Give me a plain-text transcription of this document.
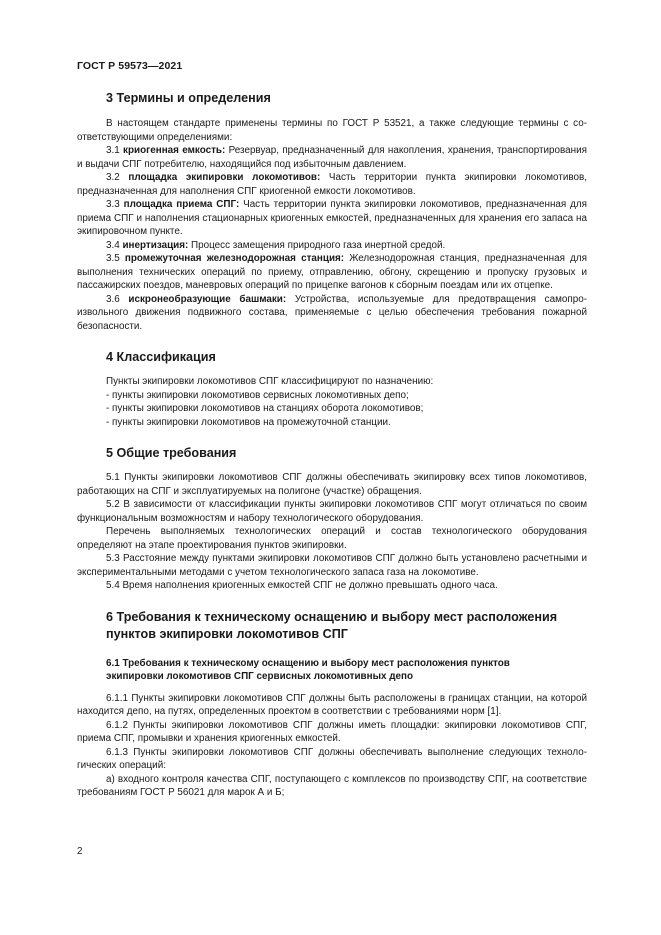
ГОСТ Р 59573—2021
3 Термины и определения

В настоящем стандарте применены термины по ГОСТ Р 53521, а также следующие термины с соответствующими определениями:

3.1 криогенная емкость: Резервуар, предназначенный для накопления, хранения, транспортирования и выдачи СПГ потребителю, находящийся под избыточным давлением.

3.2 площадка экипировки локомотивов: Часть территории пункта экипировки локомотивов, предназначенная для наполнения СПГ криогенной емкости локомотивов.

3.3 площадка приема СПГ: Часть территории пункта экипировки локомотивов, предназначенная для приема СПГ и наполнения стационарных криогенных емкостей, предназначенных для хранения его запаса на экипировочном пункте.

3.4 инертизация: Процесс замещения природного газа инертной средой.

3.5 промежуточная железнодорожная станция: Железнодорожная станция, предназначенная для выполнения технических операций по приему, отправлению, обгону, скрещению и пропуску грузовых и пассажирских поездов, маневровых операций по прицепке вагонов к сборным поездам или их отцепке.

3.6 искронеобразующие башмаки: Устройства, используемые для предотвращения самопроизвольного движения подвижного состава, применяемые с целью обеспечения требования пожарной безопасности.

4 Классификация

Пункты экипировки локомотивов СПГ классифицируют по назначению:

- пункты экипировки локомотивов сервисных локомотивных депо;

- пункты экипировки локомотивов на станциях оборота локомотивов;

- пункты экипировки локомотивов на промежуточной станции.

5 Общие требования

5.1 Пункты экипировки локомотивов СПГ должны обеспечивать экипировку всех типов локомотивов, работающих на СПГ и эксплуатируемых на полигоне (участке) обращения.

5.2 В зависимости от классификации пункты экипировки локомотивов СПГ могут отличаться по своим функциональным возможностям и набору технологического оборудования.

Перечень выполняемых технологических операций и состав технологического оборудования определяют на этапе проектирования пунктов экипировки.

5.3 Расстояние между пунктами экипировки локомотивов СПГ должно быть установлено расчетными и экспериментальными методами с учетом технологического запаса газа на локомотиве.

5.4 Время наполнения криогенных емкостей СПГ не должно превышать одного часа.

6 Требования к техническому оснащению и выбору мест расположения
пунктов экипировки локомотивов СПГ
6.1 Требования к техническому оснащению и выбору мест расположения пунктов
экипировки локомотивов СПГ сервисных локомотивных депо

6.1.1 Пункты экипировки локомотивов СПГ должны быть расположены в границах станции, на которой находится депо, на путях, определенных проектом в соответствии с требованиями норм [1].

6.1.2 Пункты экипировки локомотивов СПГ должны иметь площадки: экипировки локомотивов СПГ, приема СПГ, промывки и хранения криогенных емкостей.

6.1.3 Пункты экипировки локомотивов СПГ должны обеспечивать выполнение следующих технологических операций:

а) входного контроля качества СПГ, поступающего с комплексов по производству СПГ, на соответствие требованиям ГОСТ Р 56021 для марок А и Б;

2
